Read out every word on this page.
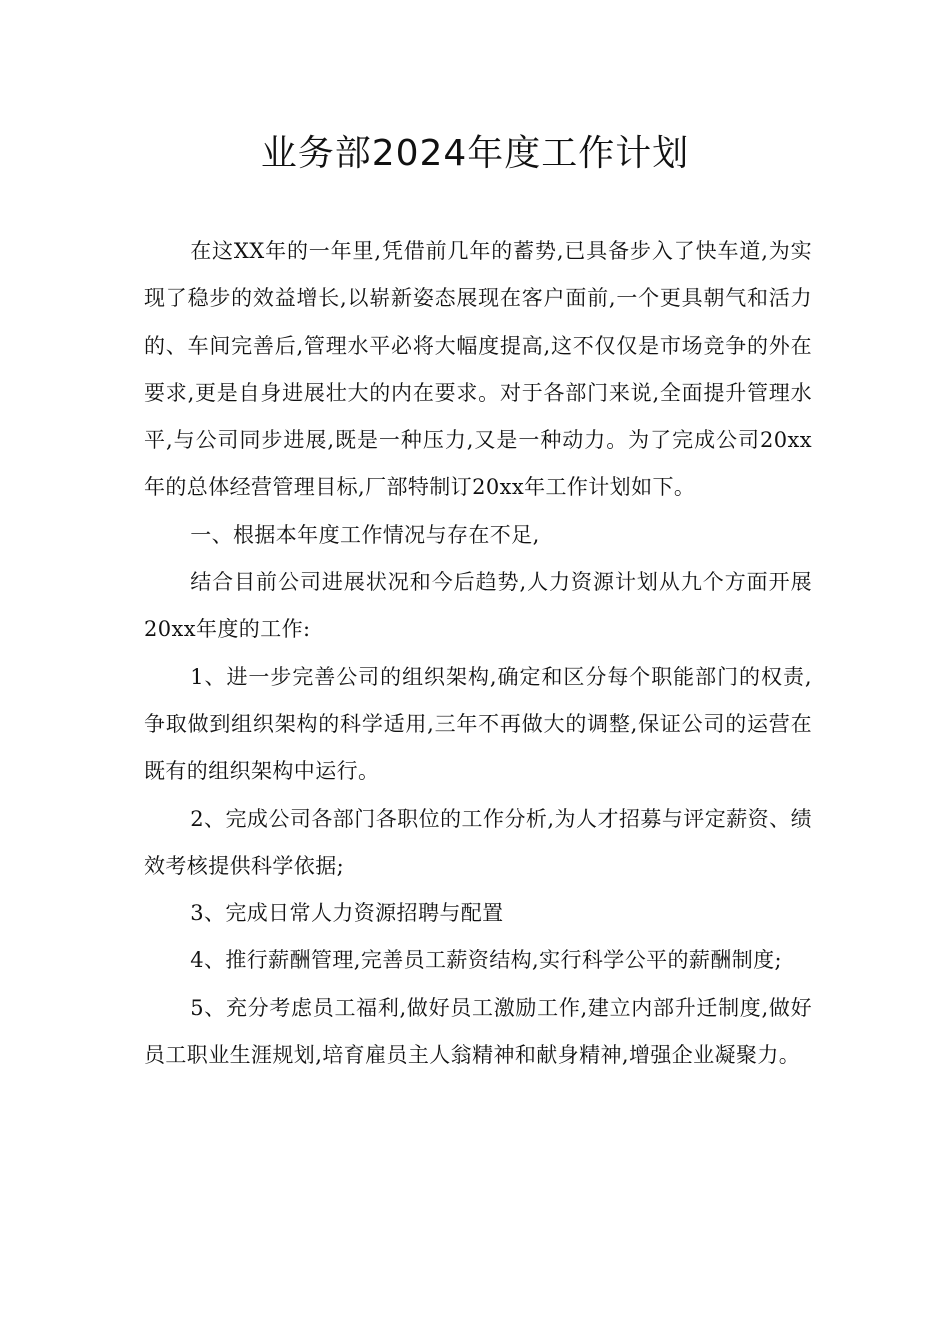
业务部2024年度工作计划

在这XX年的一年里,凭借前几年的蓄势,已具备步入了快车道,为实现了稳步的效益增长,以崭新姿态展现在客户面前,一个更具朝气和活力的、车间完善后,管理水平必将大幅度提高,这不仅仅是市场竞争的外在要求,更是自身进展壮大的内在要求。对于各部门来说,全面提升管理水平,与公司同步进展,既是一种压力,又是一种动力。为了完成公司20xx年的总体经营管理目标,厂部特制订20xx年工作计划如下。

一、根据本年度工作情况与存在不足,

结合目前公司进展状况和今后趋势,人力资源计划从九个方面开展20xx年度的工作:

1、进一步完善公司的组织架构,确定和区分每个职能部门的权责,争取做到组织架构的科学适用,三年不再做大的调整,保证公司的运营在既有的组织架构中运行。

2、完成公司各部门各职位的工作分析,为人才招募与评定薪资、绩效考核提供科学依据;

3、完成日常人力资源招聘与配置

4、推行薪酬管理,完善员工薪资结构,实行科学公平的薪酬制度;

5、充分考虑员工福利,做好员工激励工作,建立内部升迁制度,做好员工职业生涯规划,培育雇员主人翁精神和献身精神,增强企业凝聚力。
